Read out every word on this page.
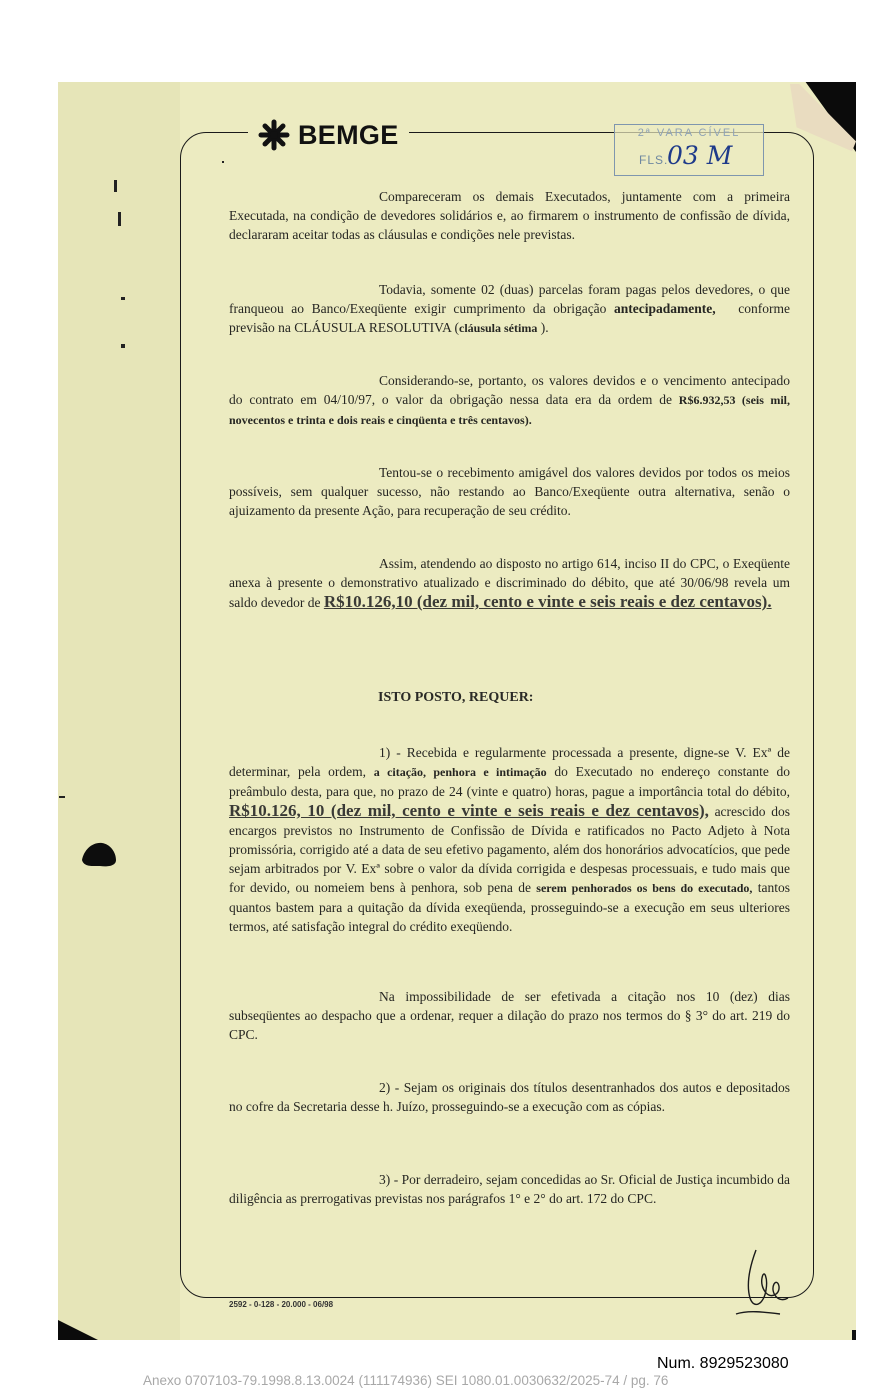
BEMGE	2ª VARA CÍVEL
FLS.
03 M

Compareceram os demais Executados, juntamente com a primeira Executada, na condição de devedores solidários e, ao firmarem o instrumento de confissão de dívida, declararam aceitar todas as cláusulas e condições nele previstas.

Todavia, somente 02 (duas) parcelas foram pagas pelos devedores, o que franqueou ao Banco/Exeqüente exigir cumprimento da obrigação antecipadamente, conforme previsão na CLÁUSULA RESOLUTIVA (cláusula sétima ).

Considerando-se, portanto, os valores devidos e o vencimento antecipado do contrato em 04/10/97, o valor da obrigação nessa data era da ordem de R$6.932,53 (seis mil, novecentos e trinta e dois reais e cinqüenta e três centavos).

Tentou-se o recebimento amigável dos valores devidos por todos os meios possíveis, sem qualquer sucesso, não restando ao Banco/Exeqüente outra alternativa, senão o ajuizamento da presente Ação, para recuperação de seu crédito.

Assim, atendendo ao disposto no artigo 614, inciso II do CPC, o Exeqüente anexa à presente o demonstrativo atualizado e discriminado do débito, que até 30/06/98 revela um saldo devedor de R$10.126,10 (dez mil, cento e vinte e seis reais e dez centavos).

ISTO POSTO, REQUER:

1) - Recebida e regularmente processada a presente, digne-se V. Exª de determinar, pela ordem, a citação, penhora e intimação do Executado no endereço constante do preâmbulo desta, para que, no prazo de 24 (vinte e quatro) horas, pague a importância total do débito, R$10.126, 10 (dez mil, cento e vinte e seis reais e dez centavos), acrescido dos encargos previstos no Instrumento de Confissão de Dívida e ratificados no Pacto Adjeto à Nota promissória, corrigido até a data de seu efetivo pagamento, além dos honorários advocatícios, que pede sejam arbitrados por V. Exª sobre o valor da dívida corrigida e despesas processuais, e tudo mais que for devido, ou nomeiem bens à penhora, sob pena de serem penhorados os bens do executado, tantos quantos bastem para a quitação da dívida exeqüenda, prosseguindo-se a execução em seus ulteriores termos, até satisfação integral do crédito exeqüendo.

Na impossibilidade de ser efetivada a citação nos 10 (dez) dias subseqüentes ao despacho que a ordenar, requer a dilação do prazo nos termos do § 3° do art. 219 do CPC.

2) - Sejam os originais dos títulos desentranhados dos autos e depositados no cofre da Secretaria desse h. Juízo, prosseguindo-se a execução com as cópias.

3) - Por derradeiro, sejam concedidas ao Sr. Oficial de Justiça incumbido da diligência as prerrogativas previstas nos parágrafos 1° e 2° do art. 172 do CPC.

2592 - 0-128 - 20.000 - 06/98
Num. 8929523080
Anexo 0707103-79.1998.8.13.0024 (111174936) SEI 1080.01.0030632/2025-74 / pg. 76
